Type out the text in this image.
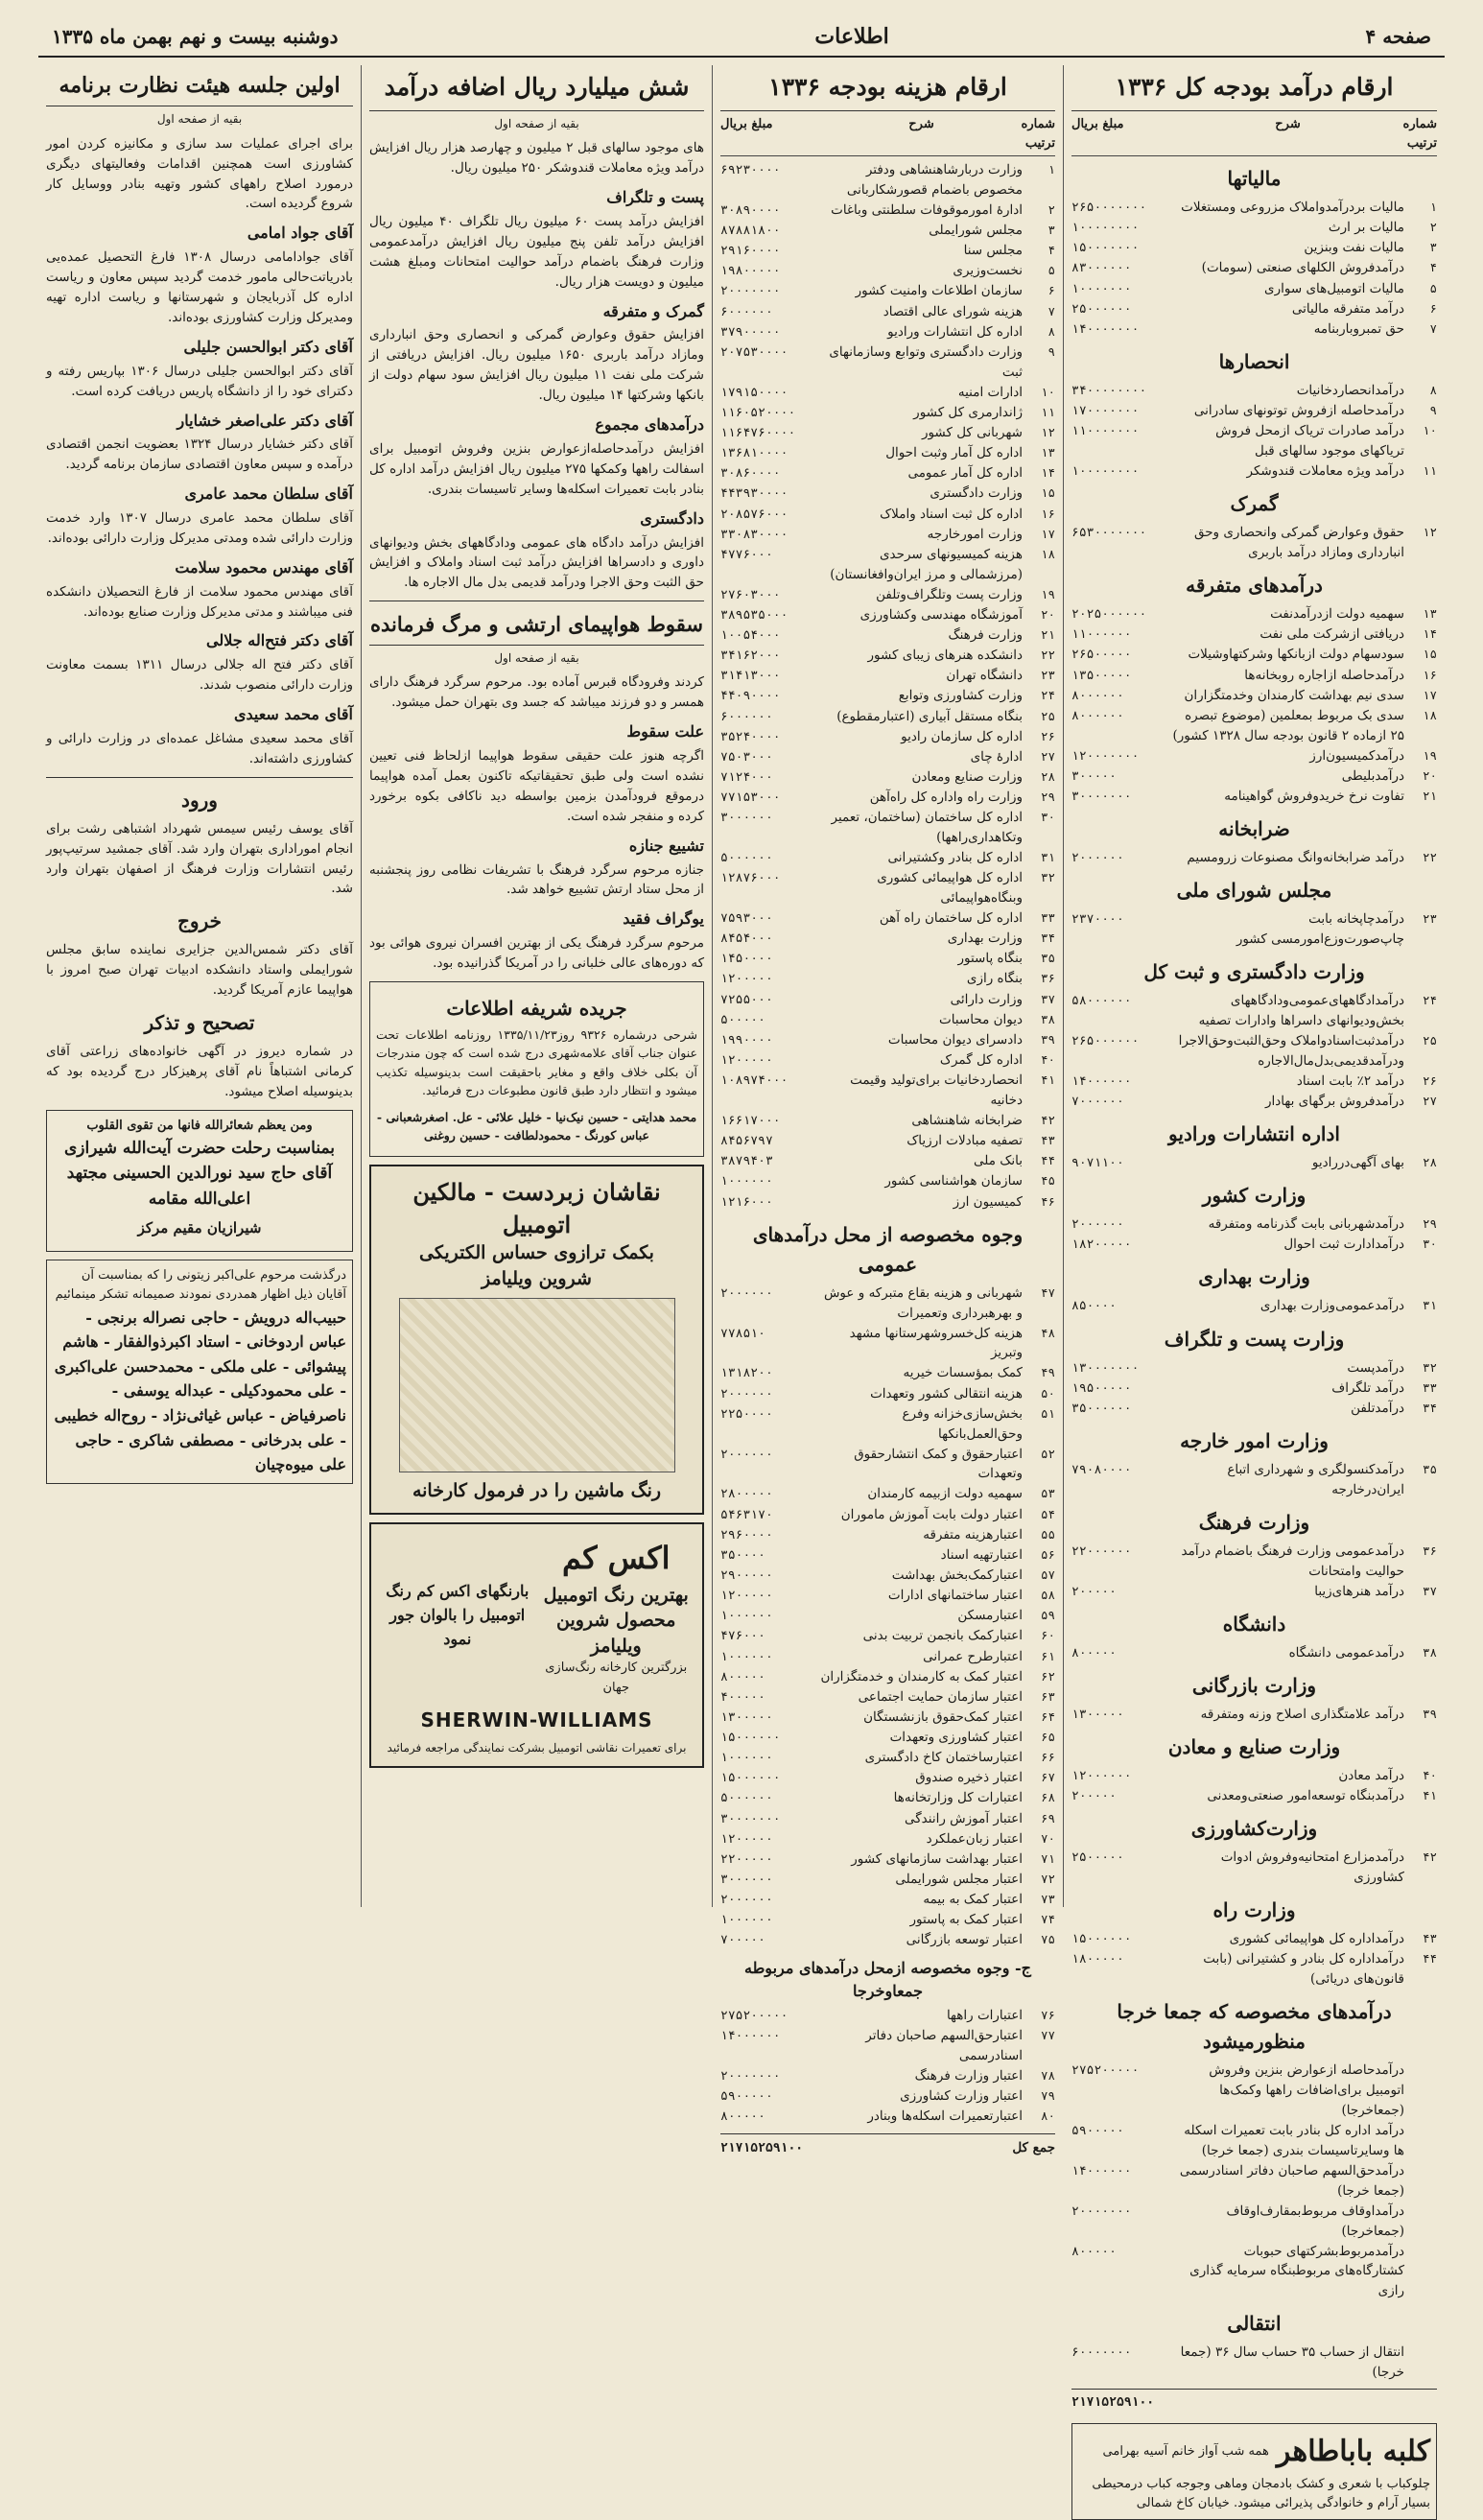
صفحه ۴
اطلاعات
دوشنبه بیست و نهم بهمن ماه ۱۳۳۵
ارقام درآمد بودجه کل ۱۳۳۶
شماره ترتیب
شرح
مبلغ بریال
مالیاتها
۱
مالیات بردرآمدواملاک مزروعی ومستغلات
۲۶۵۰۰۰۰۰۰۰
۲
مالیات بر ارث
۱۰۰۰۰۰۰۰۰
۳
مالیات نفت وبنزین
۱۵۰۰۰۰۰۰۰
۴
درآمدفروش الکلهای صنعتی (سومات)
۸۳۰۰۰۰۰۰
۵
مالیات اتومبیل‌های سواری
۱۰۰۰۰۰۰۰
۶
درآمد متفرقه مالیاتی
۲۵۰۰۰۰۰۰
۷
حق تمبروباربنامه
۱۴۰۰۰۰۰۰۰
انحصارها
۸
درآمدانحصاردخانیات
۳۴۰۰۰۰۰۰۰۰
۹
درآمدحاصله ازفروش توتونهای سادرانی
۱۷۰۰۰۰۰۰۰
۱۰
درآمد صادرات تریاک ازمحل فروش تریاکهای موجود سالهای قبل
۱۱۰۰۰۰۰۰۰
۱۱
درآمد ویژه معاملات قندوشکر
۱۰۰۰۰۰۰۰۰
گمرک
۱۲
حقوق وعوارض گمرکی وانحصاری وحق انبارداری ومازاد درآمد باربری
۶۵۳۰۰۰۰۰۰۰
درآمدهای متفرقه
۱۳
سهمیه دولت ازدرآمدنفت
۲۰۲۵۰۰۰۰۰۰
۱۴
دریافتی ازشرکت ملی نفت
۱۱۰۰۰۰۰۰
۱۵
سودسهام دولت ازبانکها وشرکتهاوشیلات
۲۶۵۰۰۰۰۰
۱۶
درآمدحاصله ازاجاره روبخانه‌ها
۱۳۵۰۰۰۰۰
۱۷
سدی نیم بهداشت کارمندان وخدمتگزاران
۸۰۰۰۰۰۰
۱۸
سدی بک مربوط بمعلمین (موضوع تبصره ۲۵ ازماده ۲ قانون بودجه سال ۱۳۲۸ کشور)
۸۰۰۰۰۰۰
۱۹
درآمدکمیسیون‌ارز
۱۲۰۰۰۰۰۰۰
۲۰
درآمدبلیطی
۳۰۰۰۰۰
۲۱
تفاوت نرخ خریدوفروش گواهینامه
۳۰۰۰۰۰۰۰
ضرابخانه
۲۲
درآمد ضرابخانه‌وانگ مصنوعات زرومسیم
۲۰۰۰۰۰۰
مجلس شورای ملی
۲۳
درآمدچاپخانه بابت چاپ‌صورت‌وزع‌امورمسی کشور
۲۳۷۰۰۰۰
وزارت دادگستری و ثبت کل
۲۴
درآمدادگاههای‌عمومی‌ودادگاههای بخش‌ودیوانهای داسراها وادارات تصفیه
۵۸۰۰۰۰۰۰
۲۵
درآمدثبت‌اسنادواملاک وحق‌الثبت‌وحق‌الاجرا ودرآمدقدیمی‌بدل‌مال‌الاجاره
۲۶۵۰۰۰۰۰۰
۲۶
درآمد ۲٪ بابت اسناد
۱۴۰۰۰۰۰۰
۲۷
درآمدفروش برگهای بهادار
۷۰۰۰۰۰۰
اداره انتشارات ورادیو
۲۸
بهای آگهی‌دررادیو
۹۰۷۱۱۰۰
وزارت کشور
۲۹
درآمدشهربانی بابت گذرنامه ومتفرقه
۲۰۰۰۰۰۰
۳۰
درآمدادارت ثبت احوال
۱۸۲۰۰۰۰۰
وزارت بهداری
۳۱
درآمدعمومی‌وزارت بهداری
۸۵۰۰۰۰
وزارت پست و تلگراف
۳۲
درآمدپست
۱۳۰۰۰۰۰۰۰
۳۳
درآمد تلگراف
۱۹۵۰۰۰۰۰
۳۴
درآمدتلفن
۳۵۰۰۰۰۰۰
وزارت امور خارجه
۳۵
درآمدکنسولگری و شهرداری اتباع ایران‌درخارجه
۷۹۰۸۰۰۰۰
وزارت فرهنگ
۳۶
درآمدعمومی وزارت فرهنگ باضمام درآمد حوالیت‌ وامتحانات
۲۲۰۰۰۰۰۰
۳۷
درآمد هنرهای‌زیبا
۲۰۰۰۰۰
دانشگاه
۳۸
درآمدعمومی دانشگاه
۸۰۰۰۰۰
وزارت بازرگانی
۳۹
درآمد علامتگذاری اصلاح وزنه ومتفرقه
۱۳۰۰۰۰۰
وزارت صنایع و معادن
۴۰
درآمد معادن
۱۲۰۰۰۰۰۰
۴۱
درآمدبنگاه توسعه‌امور صنعتی‌ومعدنی
۲۰۰۰۰۰
وزارت‌کشاورزی
۴۲
درآمدمزارع امتحانیه‌وفروش ادوات کشاورزی
۲۵۰۰۰۰۰
وزارت راه
۴۳
درآمداداره کل هواپیمائی کشوری
۱۵۰۰۰۰۰۰
۴۴
درآمداداره کل بنادر و کشتیرانی (بابت قانون‌های دریائی)
۱۸۰۰۰۰۰
درآمدهای مخصوصه که جمعا خرجا منظورمیشود
درآمدحاصله ازعوارض بنزین وفروش اتومبیل برای‌اضافات راهها وکمک‌ها (جمعاخرجا)
۲۷۵۲۰۰۰۰۰
درآمد اداره کل بنادر بابت تعمیرات اسکله ها وسایرتاسیسات بندری (جمعا خرجا)
۵۹۰۰۰۰۰
درآمدحق‌السهم صاحبان دفاتر اسنادرسمی (جمعا خرجا)
۱۴۰۰۰۰۰۰
درآمداوقاف مربوط‌بمقارف‌اوقاف (جمعاخرجا)
۲۰۰۰۰۰۰۰
درآمدمربوط‌بشرکتهای حبوبات کشتارگاه‌های مربوطبنگاه سرمایه‌ گذاری رازی
۸۰۰۰۰۰
انتقالی
انتقال از حساب ۳۵ حساب سال ۳۶ (جمعا خرجا)
۶۰۰۰۰۰۰۰
۲۱۷۱۵۲۵۹۱۰۰
کلبه باباطاهر
همه شب آواز خانم آسیه بهرامی
چلوکباب با شعری و کشک بادمجان وماهی وجوجه کباب درمحیطی بسیار آرام و خانوادگی پذیرائی میشود. خیابان کاخ شمالی
ارقام هزینه بودجه ۱۳۳۶
شماره ترتیب
شرح
مبلغ بریال
۱
وزارت دربارشاهنشاهی ودفتر مخصوص باضمام قصورشکاربانی
۶۹۲۳۰۰۰۰
۲
ادارهٔ امورموقوفات سلطنتی وباغات
۳۰۸۹۰۰۰۰
۳
مجلس شورایملی
۸۷۸۸۱۸۰۰
۴
مجلس سنا
۲۹۱۶۰۰۰۰
۵
نخست‌وزیری
۱۹۸۰۰۰۰۰
۶
سازمان اطلاعات وامنیت کشور
۲۰۰۰۰۰۰۰
۷
هزینه شورای عالی اقتصاد
۶۰۰۰۰۰۰
۸
اداره کل انتشارات ورادیو
۳۷۹۰۰۰۰۰
۹
وزارت دادگستری وتوابع وسازمانهای ثبت
۲۰۷۵۳۰۰۰۰
۱۰
ادارات امنیه
۱۷۹۱۵۰۰۰۰
۱۱
ژاندارمری کل کشور
۱۱۶۰۵۲۰۰۰۰
۱۲
شهربانی کل کشور
۱۱۶۴۷۶۰۰۰۰
۱۳
اداره کل آمار وثبت احوال
۱۳۶۸۱۰۰۰۰
۱۴
اداره کل آمار عمومی
۳۰۸۶۰۰۰۰
۱۵
وزارت دادگستری
۴۴۳۹۳۰۰۰۰
۱۶
اداره کل ثبت اسناد واملاک
۲۰۸۵۷۶۰۰۰
۱۷
وزارت امورخارجه
۳۳۰۸۳۰۰۰۰
۱۸
هزینه کمیسیونهای سرحدی (مرزشمالی و مرز ایران‌وافغانستان)
۴۷۷۶۰۰۰
۱۹
وزارت پست وتلگراف‌وتلفن
۲۷۶۰۳۰۰۰
۲۰
آموزشگاه مهندسی وکشاورزی
۳۸۹۵۳۵۰۰۰
۲۱
وزارت فرهنگ
۱۰۰۵۴۰۰۰
۲۲
دانشکده هنرهای زیبای کشور
۳۴۱۶۲۰۰۰
۲۳
دانشگاه تهران
۳۱۴۱۳۰۰۰
۲۴
وزارت کشاورزی وتوابع
۴۴۰۹۰۰۰۰
۲۵
بنگاه مستقل آبیاری (اعتبارمقطوع)
۶۰۰۰۰۰۰
۲۶
اداره کل سازمان رادیو
۳۵۲۴۰۰۰۰
۲۷
ادارهٔ چای
۷۵۰۳۰۰۰
۲۸
وزارت صنایع ومعادن
۷۱۲۴۰۰۰
۲۹
وزارت راه واداره کل راه‌آهن
۷۷۱۵۳۰۰۰
۳۰
اداره کل ساختمان (ساختمان‌، تعمیر وتکاهداری‌راهها)
۳۰۰۰۰۰۰
۳۱
اداره کل بنادر وکشتیرانی
۵۰۰۰۰۰۰
۳۲
اداره کل هواپیمائی کشوری وبنگاه‌هواپیمائی
۱۲۸۷۶۰۰۰
۳۳
اداره کل ساختمان راه آهن
۷۵۹۳۰۰۰
۳۴
وزارت بهداری
۸۴۵۴۰۰۰
۳۵
بنگاه پاستور
۱۴۵۰۰۰۰
۳۶
بنگاه رازی
۱۲۰۰۰۰۰
۳۷
وزارت دارائی
۷۲۵۵۰۰۰
۳۸
دیوان محاسبات
۵۰۰۰۰۰
۳۹
دادسرای دیوان محاسبات
۱۹۹۰۰۰۰
۴۰
اداره کل گمرک
۱۲۰۰۰۰۰
۴۱
انحصاردخانیات‌ برای‌تولید وقیمت دخانیه
۱۰۸۹۷۴۰۰۰
۴۲
ضرابخانه شاهنشاهی
۱۶۶۱۷۰۰۰
۴۳
تصفیه مبادلات ارزیاک
۸۴۵۶۷۹۷
۴۴
بانک ملی
۳۸۷۹۴۰۳
۴۵
سازمان هواشناسی کشور
۱۰۰۰۰۰۰
۴۶
کمیسیون ارز
۱۲۱۶۰۰۰
وجوه مخصوصه از محل درآمدهای عمومی
۴۷
شهربانی و هزینه بقاع متبرکه و عوش و بهرهبرداری وتعمیرات
۲۰۰۰۰۰۰
۴۸
هزینه کل‌خسرو‌شهرستانها مشهد وتبریز
۷۷۸۵۱۰
۴۹
کمک بمؤسسات خیریه
۱۳۱۸۲۰۰
۵۰
هزینه انتقالی کشور وتعهدات
۲۰۰۰۰۰۰
۵۱
بخش‌سازی‌خزانه وفرع وحق‌العمل‌بانکها
۲۲۵۰۰۰۰
۵۲
اعتبارحقوق و کمک انتشارحقوق وتعهدات
۲۰۰۰۰۰۰
۵۳
سهمیه دولت ازبیمه کارمندان
۲۸۰۰۰۰۰
۵۴
اعتبار دولت بابت آموزش ماموران
۵۴۶۳۱۷۰
۵۵
اعتبارهزینه‌ متفرقه
۲۹۶۰۰۰۰
۵۶
اعتبارتهیه اسناد
۳۵۰۰۰۰
۵۷
اعتبارکمک‌بخش بهداشت
۲۹۰۰۰۰۰
۵۸
اعتبار ساختمانهای ادارات
۱۲۰۰۰۰۰
۵۹
اعتبارمسکن
۱۰۰۰۰۰۰
۶۰
اعتبارکمک بانجمن تربیت بدنی
۴۷۶۰۰۰
۶۱
اعتبارطرح عمرانی
۱۰۰۰۰۰۰
۶۲
اعتبار کمک به کارمندان و خدمتگزاران
۸۰۰۰۰۰
۶۳
اعتبار سازمان حمایت اجتماعی
۴۰۰۰۰۰
۶۴
اعتبار کمک‌حقوق بازنشستگان
۱۳۰۰۰۰۰
۶۵
اعتبار کشاورزی وتعهدات
۱۵۰۰۰۰۰۰
۶۶
اعتبارساختمان کاخ‌ دادگستری
۱۰۰۰۰۰۰
۶۷
اعتبار ذخیره صندوق
۱۵۰۰۰۰۰۰
۶۸
اعتبارات کل وزارتخانه‌ها
۵۰۰۰۰۰۰
۶۹
اعتبار آموزش رانندگی
۳۰۰۰۰۰۰۰
۷۰
اعتبار زبان‌عملکرد
۱۲۰۰۰۰۰
۷۱
اعتبار بهداشت سازمانهای کشور
۲۲۰۰۰۰۰
۷۲
اعتبار مجلس شورایملی
۳۰۰۰۰۰۰
۷۳
اعتبار کمک به بیمه
۲۰۰۰۰۰۰
۷۴
اعتبار کمک به پاستور
۱۰۰۰۰۰۰
۷۵
اعتبار توسعه بازرگانی
۷۰۰۰۰۰
ج- وجوه مخصوصه ازمحل درآمدهای مربوطه جمعاوخرجا
۷۶
اعتبارات راهها
۲۷۵۲۰۰۰۰۰
۷۷
اعتبارحق‌السهم صاحبان دفاتر اسنادرسمی
۱۴۰۰۰۰۰۰
۷۸
اعتبار وزارت فرهنگ
۲۰۰۰۰۰۰۰
۷۹
اعتبار وزارت کشاورزی
۵۹۰۰۰۰۰
۸۰
اعتبارتعمیرات اسکله‌ها وبنادر
۸۰۰۰۰۰
جمع کل
۲۱۷۱۵۲۵۹۱۰۰
شش میلیارد ریال اضافه درآمد
بقیه از صفحه اول

های موجود سالهای قبل ۲ میلیون و چهارصد هزار ریال افزایش درآمد ویژه معاملات قندوشکر ۲۵۰ میلیون ریال.

پست و تلگراف

افزایش درآمد پست ۶۰ میلیون ریال تلگراف ۴۰ میلیون ریال افزایش درآمد تلفن پنج میلیون ریال افزایش درآمدعمومی وزارت فرهنگ باضمام درآمد حوالیت امتحانات ومبلغ هشت میلیون و دویست هزار ریال.

گمرک و متفرقه

افزایش حقوق وعوارض گمرکی و انحصاری وحق انبارداری ومازاد درآمد باربری ۱۶۵۰ میلیون ریال. افزایش دریافتی از شرکت ملی نفت ۱۱ میلیون ریال افزایش سود سهام دولت از بانکها وشرکتها ۱۴ میلیون ریال.

درآمدهای مجموع

افزایش درآمدحاصله‌ازعوارض بنزین وفروش اتومبیل برای اسفالت راهها وکمکها ۲۷۵ میلیون ریال افزایش درآمد اداره کل بنادر بابت تعمیرات اسکله‌ها وسایر تاسیسات بندری.

دادگستری

افزایش درآمد دادگاه های عمومی ودادگاههای بخش ودیوانهای داوری و دادسراها افزایش درآمد ثبت اسناد واملاک و افزایش حق الثبت وحق الاجرا ودرآمد قدیمی بدل مال الاجاره ها.

سقوط هواپیمای ارتشی و مرگ فرمانده
بقیه از صفحه اول

کردند وفرودگاه قبرس آماده بود. مرحوم سرگرد فرهنگ دارای همسر و دو فرزند میباشد که جسد وی بتهران حمل میشود.

علت سقوط

اگرچه هنوز علت حقیقی سقوط هواپیما ازلحاظ فنی تعیین نشده است ولی طبق تحقیقاتیکه تاکنون بعمل آمده هواپیما درموقع فرودآمدن بزمین بواسطه دید ناکافی بکوه برخورد کرده و منفجر شده است.

تشییع جنازه

جنازه مرحوم سرگرد فرهنگ با تشریفات نظامی روز پنجشنبه از محل ستاد ارتش تشییع خواهد شد.

یوگراف فقید

مرحوم سرگرد فرهنگ یکی از بهترین افسران نیروی هوائی بود که دوره‌های عالی خلبانی را در آمریکا گذرانیده بود.

جریده شریفه اطلاعات

شرحی درشماره ۹۳۲۶ روز۱۳۳۵/۱۱/۲۳ روزنامه اطلاعات تحت عنوان جناب آقای علامه‌شهری درج شده است که چون مندرجات آن بکلی خلاف واقع و مغایر باحقیقت است بدینوسیله تکذیب میشود و انتظار دارد طبق قانون مطبوعات درج فرمائید.

محمد هدایتی - حسین نیک‌نیا - خلیل علائی - عل. اصغرشعبانی - عباس کورنگ - محمودلطافت - حسین روغنی
نقاشان زبردست - مالکین اتومبیل
بکمک ترازوی حساس الکتریکی
شروین ویلیامز
رنگ ماشین را در فرمول کارخانه
اکس کم
بهترین رنگ اتومبیل
محصول شروین ویلیامز
بزرگترین کارخانه رنگ‌سازی جهان
بارنگهای اکس کم رنگ اتومبیل را بالوان جور نمود
SHERWIN-WILLIAMS
برای تعمیرات نقاشی اتومبیل بشرکت نمایندگی مراجعه فرمائید
اولین جلسه هیئت نظارت برنامه
بقیه از صفحه اول

برای اجرای عملیات سد سازی و مکانیزه کردن امور کشاورزی است همچنین اقدامات وفعالیتهای دیگری درمورد اصلاح راههای کشور وتهیه بنادر ووسایل کار شروع گردیده است.

آقای جواد امامی

آقای جوادامامی درسال ۱۳۰۸ فارغ التحصیل عمده‌یی بادریاتت‌حالی مامور خدمت گردید سپس معاون و ریاست اداره کل آذربایجان و شهرستانها و ریاست اداره تهیه ومدیرکل وزارت کشاورزی بوده‌اند.

آقای دکتر ابوالحسن جلیلی

آقای دکتر ابوالحسن جلیلی درسال ۱۳۰۶ بپاریس رفته و دکترای خود را از دانشگاه پاریس دریافت کرده است.

آقای دکتر علی‌اصغر خشایار

آقای دکتر خشایار درسال ۱۳۲۴ بعضویت انجمن اقتصادی درآمده و سپس معاون اقتصادی سازمان برنامه گردید.

آقای سلطان محمد عامری

آقای سلطان محمد عامری درسال ۱۳۰۷ وارد خدمت وزارت دارائی شده ومدتی مدیرکل وزارت دارائی بوده‌اند.

آقای مهندس محمود سلامت

آقای مهندس محمود سلامت از فارغ التحصیلان دانشکده فنی میباشند و مدتی مدیرکل وزارت صنایع بوده‌اند.

آقای دکتر فتح‌اله جلالی

آقای دکتر فتح اله جلالی درسال ۱۳۱۱ بسمت معاونت وزارت دارائی منصوب شدند.

آقای محمد سعیدی

آقای محمد سعیدی مشاغل عمده‌ای در وزارت دارائی و کشاورزی داشته‌اند.

ورود

آقای یوسف رئیس سیمس شهرداد اشتباهی رشت برای انجام اموراداری بتهران وارد شد. آقای جمشید سرتیپ‌پور رئیس انتشارات وزارت فرهنگ از اصفهان بتهران وارد شد.

خروج

آقای دکتر شمس‌الدین جزایری نماینده سابق مجلس شورایملی واستاد دانشکده ادبیات تهران صبح امروز با هواپیما عازم آمریکا گردید.

تصحیح و تذکر

در شماره دیروز در آگهی خانواده‌های زراعتی آقای کرمانی اشتباهاً نام آقای پرهیزکار درج گردیده بود که بدینوسیله اصلاح میشود.

ومن یعظم شعائرالله فانها من تقوی القلوب
بمناسبت رحلت حضرت آیت‌الله شیرازی آقای حاج سید نورالدین الحسینی مجتهد اعلی‌الله مقامه
شیرازیان مقیم مرکز
درگذشت مرحوم علی‌اکبر زیتونی را که بمناسبت آن آقایان ذیل اظهار همدردی نمودند صمیمانه تشکر مینمائیم
حبیب‌اله درویش - حاجی نصراله برنجی - عباس اردوخانی - استاد اکبرذوالفقار - هاشم پیشوائی - علی ملکی - محمدحسن علی‌اکبری - علی محمودکیلی - عبداله یوسفی - ناصرفیاض - عباس غیاثی‌نژاد - روح‌اله خطیبی - علی بدرخانی - مصطفی شاکری - حاجی علی میوه‌چیان
